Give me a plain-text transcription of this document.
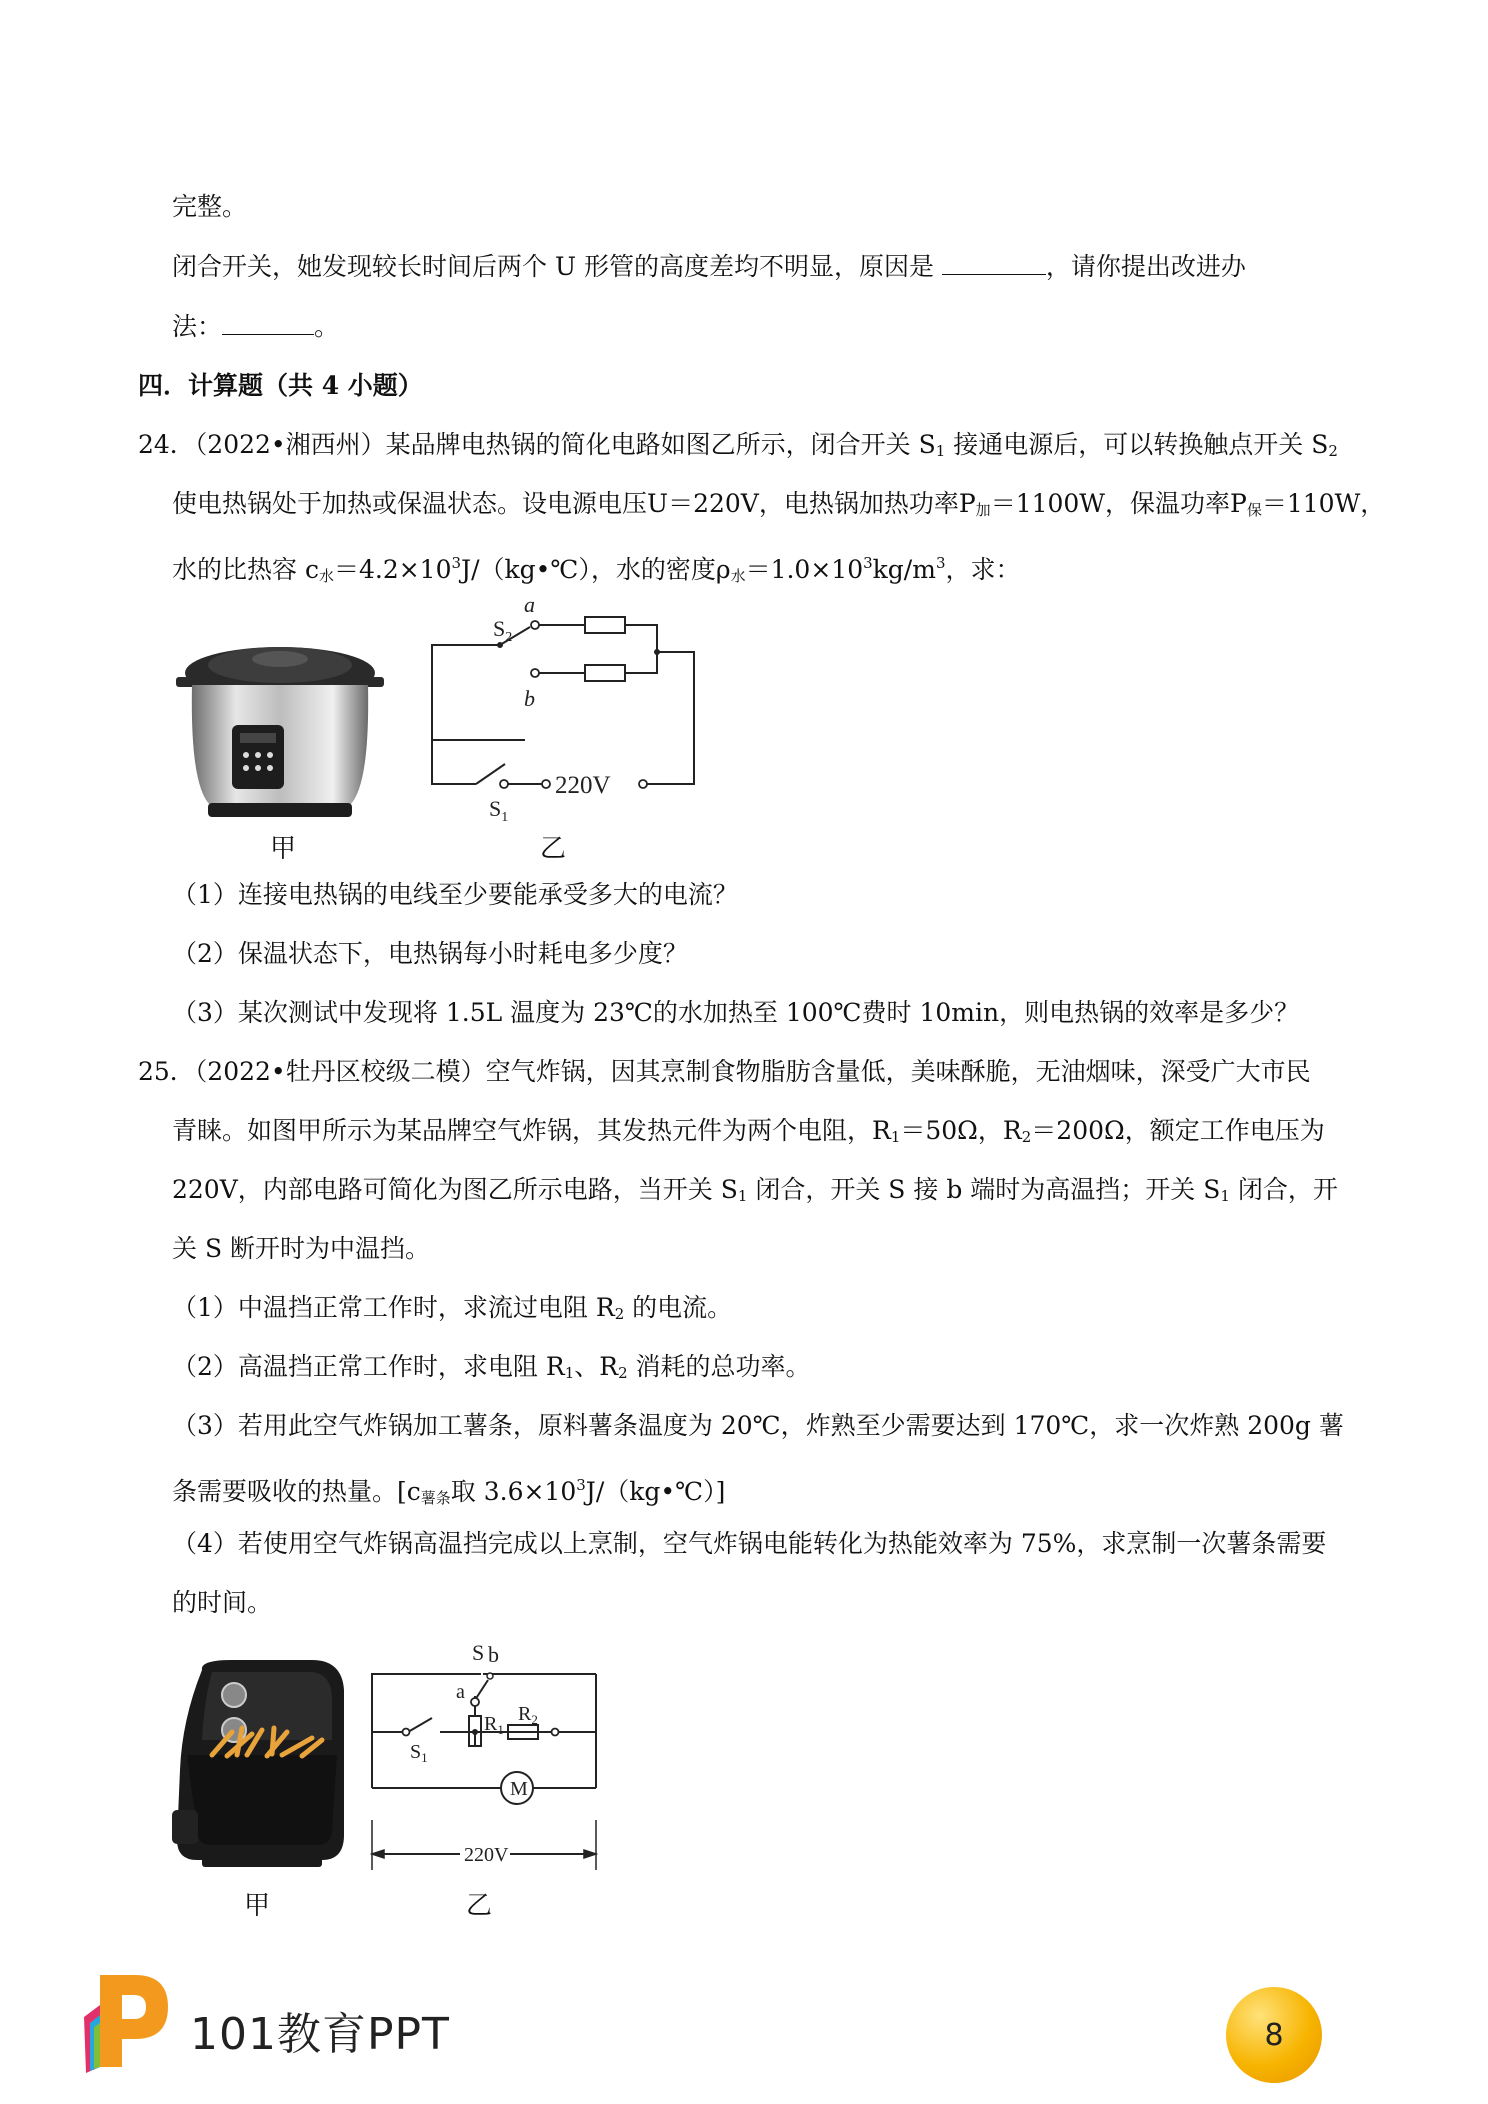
完整。
闭合开关，她发现较长时间后两个 U 形管的高度差均不明显，原因是	，请你提出改进办
法：	。
四．计算题（共 4 小题）
24．（2022•湘西州）某品牌电热锅的简化电路如图乙所示，闭合开关 $S_1$ 接通电源后，可以转换触点开关 $S_2$
使电热锅处于加热或保温状态。设电源电压U＝220V，电热锅加热功率$P_加=1100W$，保温功率$P_保=110W$，
水的比热容 $c_水=4.2\times 10^3J/(kg•℃)$，水的密度$\rho_水=1.0\times 10^3kg/m^3$，求：
甲
a
b
$S_2$
$S_1$
220V
乙
（1）连接电热锅的电线至少要能承受多大的电流？
（2）保温状态下，电热锅每小时耗电多少度？
（3）某次测试中发现将 1.5L 温度为 23℃的水加热至 100℃费时 10min，则电热锅的效率是多少？
25．（2022•牡丹区校级二模）空气炸锅，因其烹制食物脂肪含量低，美味酥脆，无油烟味，深受广大市民
青睐。如图甲所示为某品牌空气炸锅，其发热元件为两个电阻，$R_1=50\Omega$，$R_2=200\Omega$，额定工作电压为
220V，内部电路可简化为图乙所示电路，当开关 $S_1$ 闭合，开关 S 接 b 端时为高温挡；开关 $S_1$ 闭合，开
关 S 断开时为中温挡。
（1）中温挡正常工作时，求流过电阻 $R_2$ 的电流。
（2）高温挡正常工作时，求电阻 $R_1$、$R_2$ 消耗的总功率。
（3）若用此空气炸锅加工薯条，原料薯条温度为 20℃，炸熟至少需要达到 170℃，求一次炸熟 200g 薯
条需要吸收的热量。[$c_{薯条}$取 $3.6\times 10^3J/(kg•℃)$]
（4）若使用空气炸锅高温挡完成以上烹制，空气炸锅电能转化为热能效率为 75%，求烹制一次薯条需要
的时间。
甲
M
S b
a
$R_1$
$R_2$
$S_1$
220V
乙
101教育PPT	8
